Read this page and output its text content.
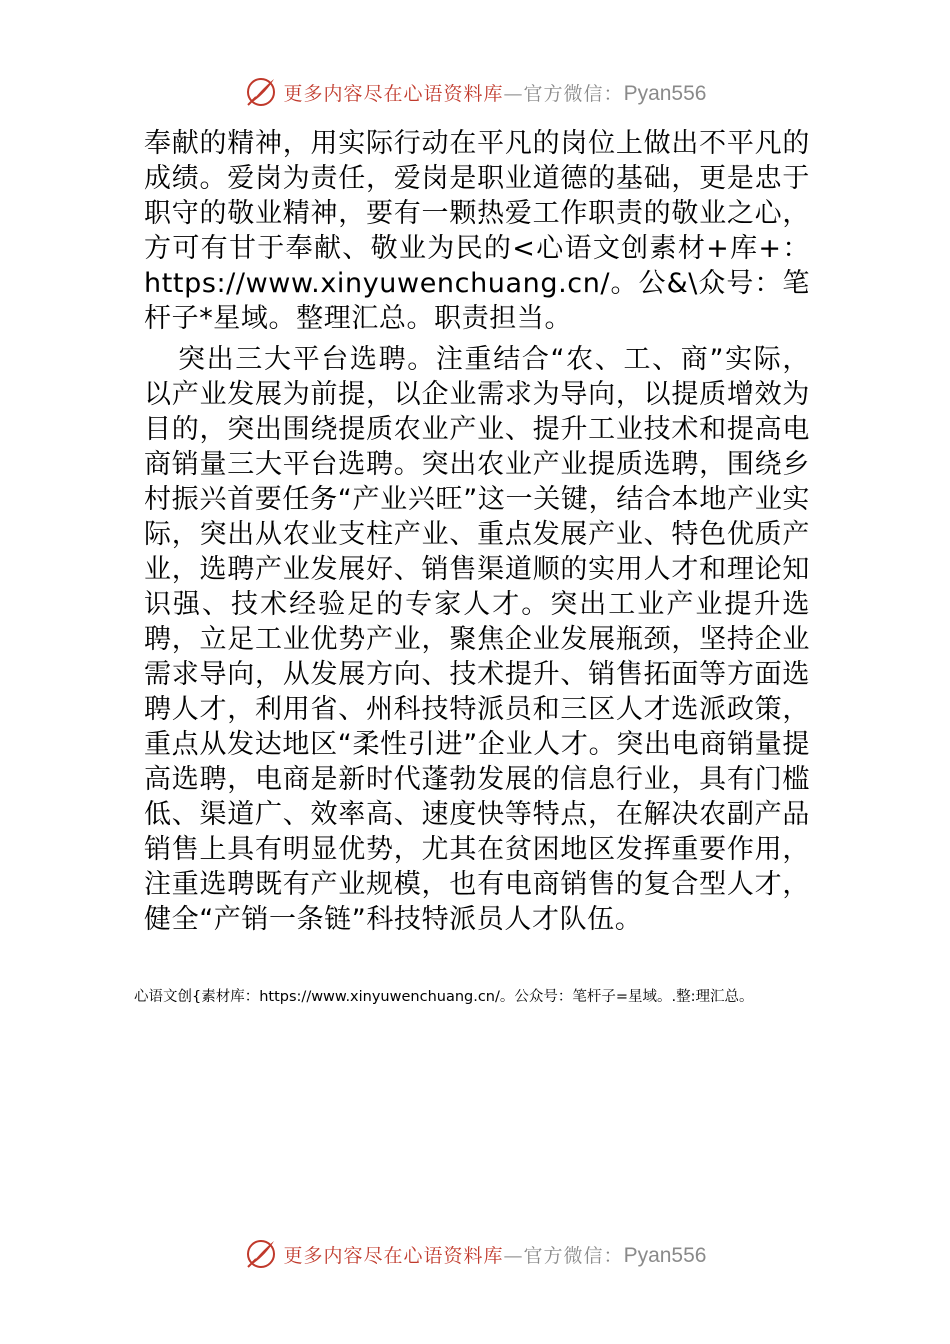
更多内容尽在心语资料库—官方微信：Pyan556

奉献的精神，用实际行动在平凡的岗位上做出不平凡的成绩。爱岗为责任，爱岗是职业道德的基础，更是忠于职守的敬业精神，要有一颗热爱工作职责的敬业之心，方可有甘于奉献、敬业为民的<心语文创素材+库+：https://www.xinyuwenchuang.cn/。公&\众号：笔杆子*星域。整理汇总。职责担当。

突出三大平台选聘。注重结合“农、工、商”实际，以产业发展为前提，以企业需求为导向，以提质增效为目的，突出围绕提质农业产业、提升工业技术和提高电商销量三大平台选聘。突出农业产业提质选聘，围绕乡村振兴首要任务“产业兴旺”这一关键，结合本地产业实际，突出从农业支柱产业、重点发展产业、特色优质产业，选聘产业发展好、销售渠道顺的实用人才和理论知识强、技术经验足的专家人才。突出工业产业提升选聘，立足工业优势产业，聚焦企业发展瓶颈，坚持企业需求导向，从发展方向、技术提升、销售拓面等方面选聘人才，利用省、州科技特派员和三区人才选派政策，重点从发达地区“柔性引进”企业人才。突出电商销量提高选聘，电商是新时代蓬勃发展的信息行业，具有门槛低、渠道广、效率高、速度快等特点，在解决农副产品销售上具有明显优势，尤其在贫困地区发挥重要作用，注重选聘既有产业规模，也有电商销售的复合型人才，健全“产销一条链”科技特派员人才队伍。

心语文创{素材库：https://www.xinyuwenchuang.cn/。公众号：笔杆子=星域。.整:理汇总。
更多内容尽在心语资料库—官方微信：Pyan556
